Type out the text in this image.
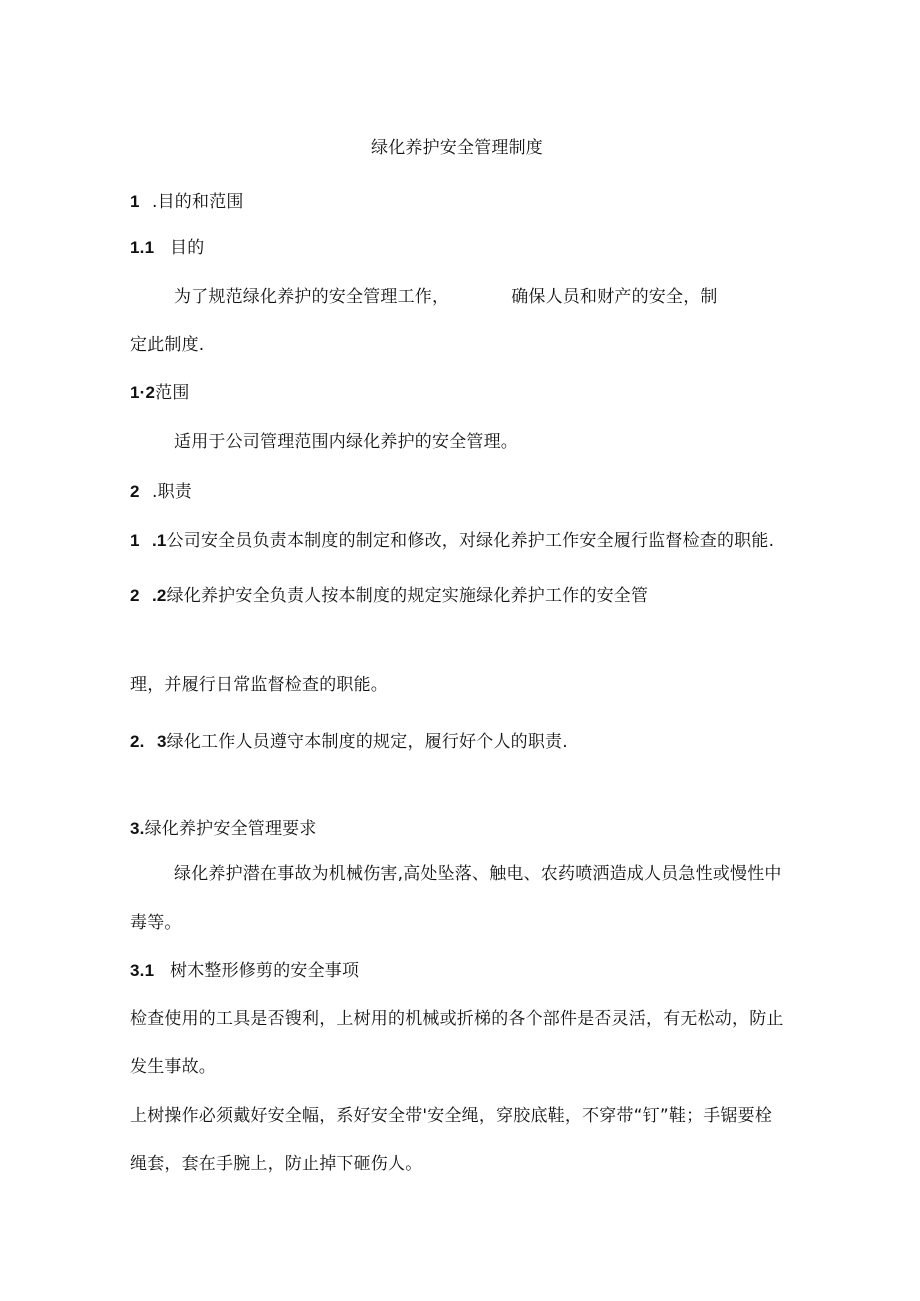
绿化养护安全管理制度
1 .目的和范围
1.1 目的
为了规范绿化养护的安全管理工作，	确保人员和财产的安全，制
定此制度.
1·2范围
适用于公司管理范围内绿化养护的安全管理。
2 .职责
1 .1公司安全员负责本制度的制定和修改，对绿化养护工作安全履行监督检查的职能.
2 .2绿化养护安全负责人按本制度的规定实施绿化养护工作的安全管
理，并履行日常监督检查的职能。
2. 3绿化工作人员遵守本制度的规定，履行好个人的职责.
3.绿化养护安全管理要求
绿化养护潜在事故为机械伤害,高处坠落、触电、农药喷洒造成人员急性或慢性中
毒等。
3.1 树木整形修剪的安全事项
检查使用的工具是否锼利，上树用的机械或折梯的各个部件是否灵活，有无松动，防止
发生事故。
上树操作必须戴好安全幅，系好安全带'安全绳，穿胶底鞋，不穿带“钉”鞋；手锯要栓
绳套，套在手腕上，防止掉下砸伤人。
